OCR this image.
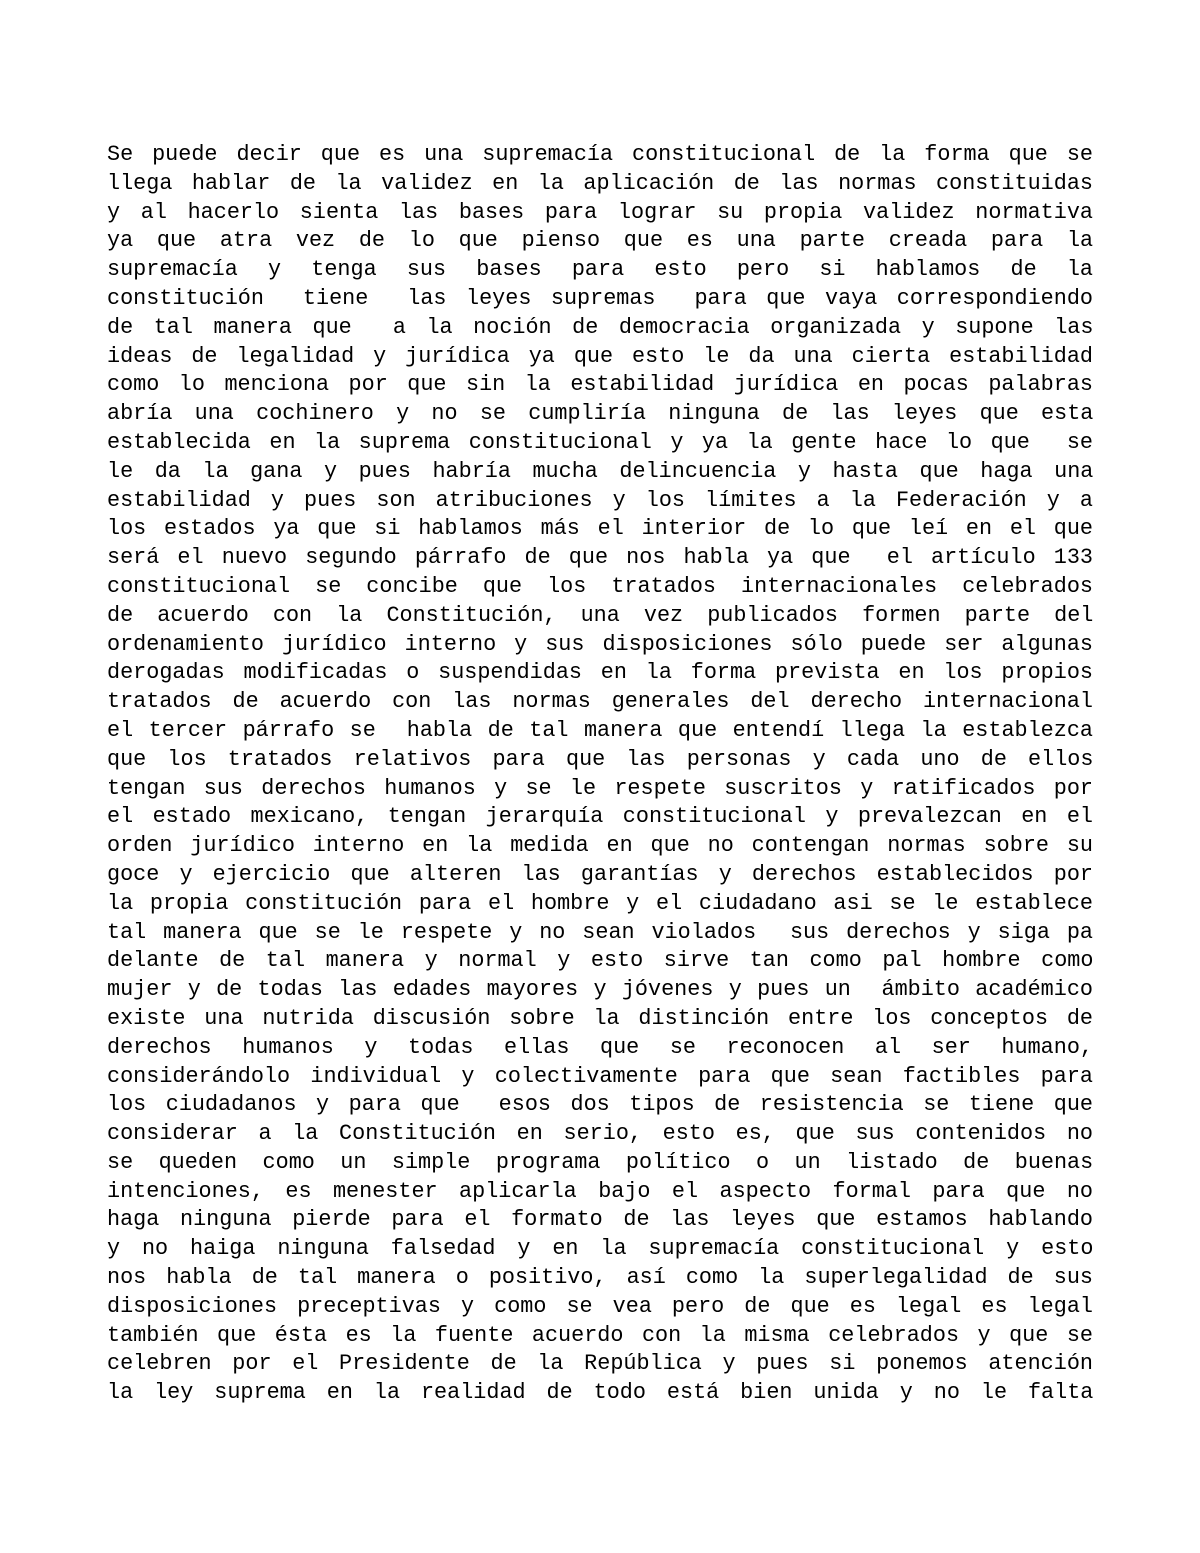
Se puede decir que es una supremacía constitucional de la forma que se
llega hablar de la validez en la aplicación de las normas constituidas
y al hacerlo sienta las bases para lograr su propia validez normativa
ya que atra vez de lo que pienso que es una parte creada para la
supremacía y tenga sus bases para esto pero si hablamos de la
constitución  tiene  las leyes supremas  para que vaya correspondiendo
de tal manera que  a la noción de democracia organizada y supone las
ideas de legalidad y jurídica ya que esto le da una cierta estabilidad
como lo menciona por que sin la estabilidad jurídica en pocas palabras
abría una cochinero y no se cumpliría ninguna de las leyes que esta
establecida en la suprema constitucional y ya la gente hace lo que  se
le da la gana y pues habría mucha delincuencia y hasta que haga una
estabilidad y pues son atribuciones y los límites a la Federación y a
los estados ya que si hablamos más el interior de lo que leí en el que
será el nuevo segundo párrafo de que nos habla ya que  el artículo 133
constitucional se concibe que los tratados internacionales celebrados
de acuerdo con la Constitución, una vez publicados formen parte del
ordenamiento jurídico interno y sus disposiciones sólo puede ser algunas
derogadas modificadas o suspendidas en la forma prevista en los propios
tratados de acuerdo con las normas generales del derecho internacional
el tercer párrafo se  habla de tal manera que entendí llega la establezca
que los tratados relativos para que las personas y cada uno de ellos
tengan sus derechos humanos y se le respete suscritos y ratificados por
el estado mexicano, tengan jerarquía constitucional y prevalezcan en el
orden jurídico interno en la medida en que no contengan normas sobre su
goce y ejercicio que alteren las garantías y derechos establecidos por
la propia constitución para el hombre y el ciudadano asi se le establece
tal manera que se le respete y no sean violados  sus derechos y siga pa
delante de tal manera y normal y esto sirve tan como pal hombre como
mujer y de todas las edades mayores y jóvenes y pues un  ámbito académico
existe una nutrida discusión sobre la distinción entre los conceptos de
derechos humanos y todas ellas que se reconocen al ser humano,
considerándolo individual y colectivamente para que sean factibles para
los ciudadanos y para que  esos dos tipos de resistencia se tiene que
considerar a la Constitución en serio, esto es, que sus contenidos no
se queden como un simple programa político o un listado de buenas
intenciones, es menester aplicarla bajo el aspecto formal para que no
haga ninguna pierde para el formato de las leyes que estamos hablando
y no haiga ninguna falsedad y en la supremacía constitucional y esto
nos habla de tal manera o positivo, así como la superlegalidad de sus
disposiciones preceptivas y como se vea pero de que es legal es legal
también que ésta es la fuente acuerdo con la misma celebrados y que se
celebren por el Presidente de la República y pues si ponemos atención
la ley suprema en la realidad de todo está bien unida y no le falta
